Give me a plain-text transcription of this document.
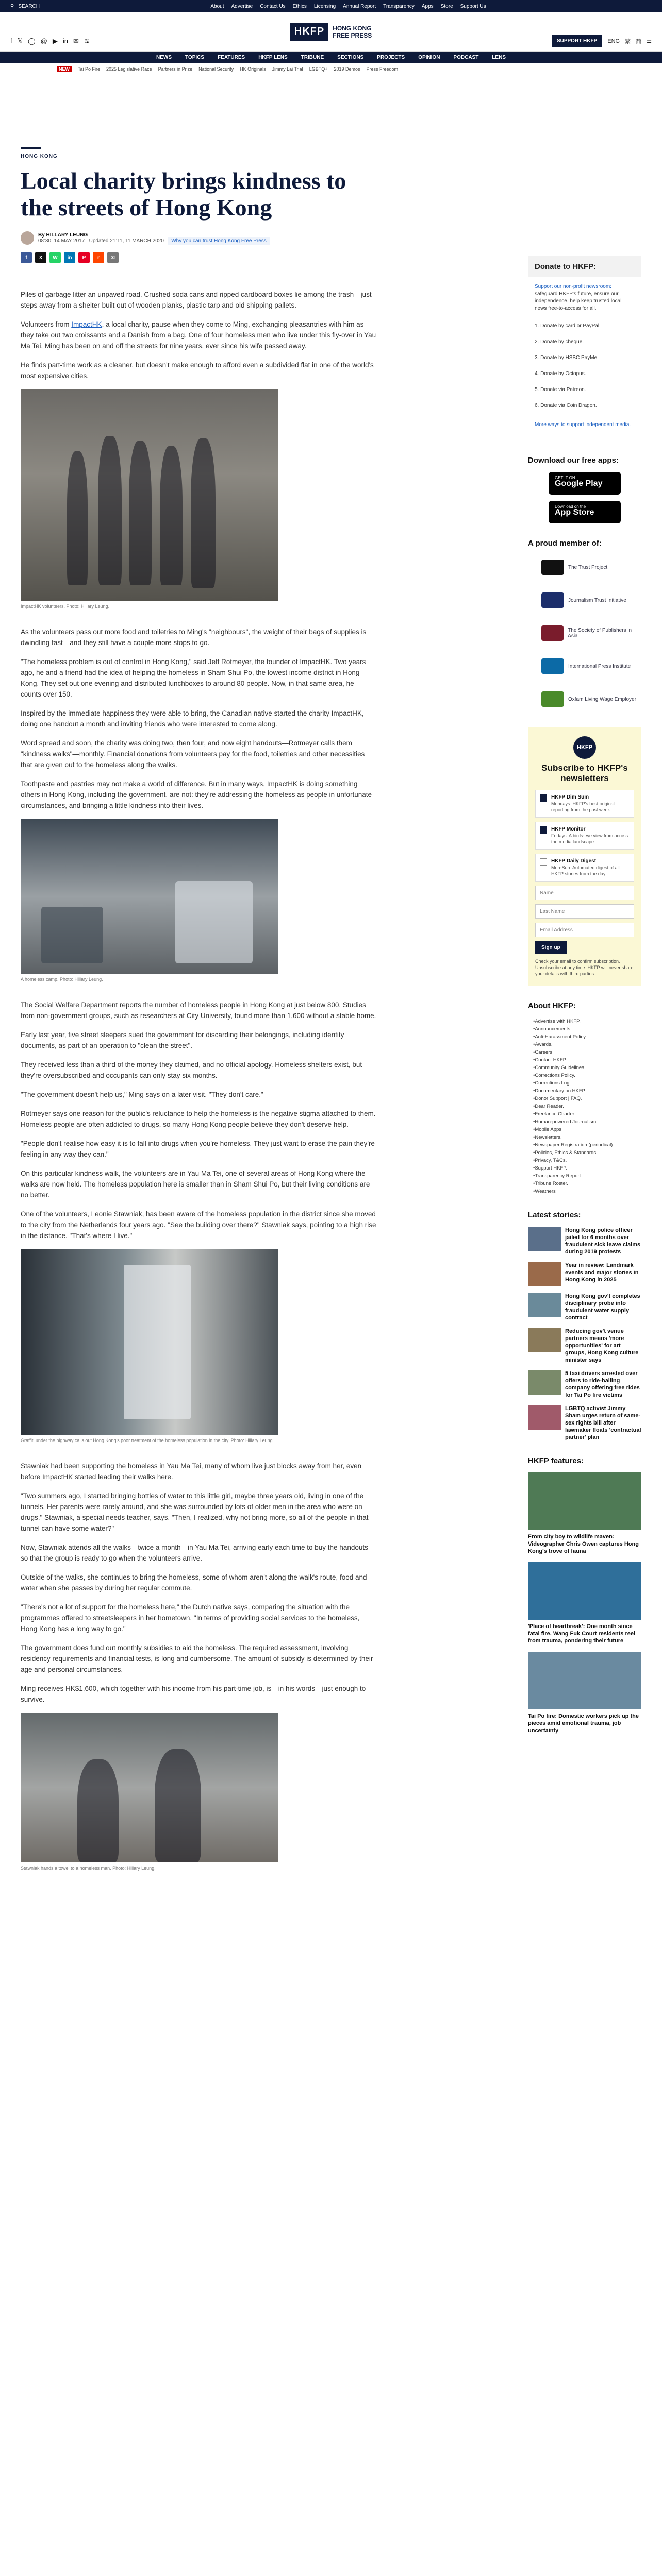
⚲ SEARCH	About Advertise Contact Us Ethics Licensing Annual Report Transparency Apps Store Support Us
f 𝕏 ◯ @ ▶ in ✉ ≋
HKFP	HONG KONG
FREE PRESS
SUPPORT HKFP	ENG 繁 简 ☰
NEWS	TOPICS	FEATURES	HKFP LENS	TRIBUNE	SECTIONS	PROJECTS	OPINION	PODCAST	LENS
NEW	Tai Po Fire 2025 Legislative Race Partners in Prize National Security HK Originals Jimmy Lai Trial LGBTQ+ 2019 Demos Press Freedom
HONG KONG
Local charity brings kindness to the streets of Hong Kong
By HILLARY LEUNG
08:30, 14 MAY 2017 Updated 21:11, 11 MARCH 2020 Why you can trust Hong Kong Free Press
f	X	W	in	P	r	✉

Piles of garbage litter an unpaved road. Crushed soda cans and ripped cardboard boxes lie among the trash—just steps away from a shelter built out of wooden planks, plastic tarp and old shipping pallets.

Volunteers from ImpactHK, a local charity, pause when they come to Ming, exchanging pleasantries with him as they take out two croissants and a Danish from a bag. One of four homeless men who live under this fly-over in Yau Ma Tei, Ming has been on and off the streets for nine years, ever since his wife passed away.

He finds part-time work as a cleaner, but doesn't make enough to afford even a subdivided flat in one of the world's most expensive cities.

ImpactHK volunteers. Photo: Hillary Leung.

As the volunteers pass out more food and toiletries to Ming's "neighbours", the weight of their bags of supplies is dwindling fast—and they still have a couple more stops to go.

"The homeless problem is out of control in Hong Kong," said Jeff Rotmeyer, the founder of ImpactHK. Two years ago, he and a friend had the idea of helping the homeless in Sham Shui Po, the lowest income district in Hong Kong. They set out one evening and distributed lunchboxes to around 80 people. Now, in that same area, he counts over 150.

Inspired by the immediate happiness they were able to bring, the Canadian native started the charity ImpactHK, doing one handout a month and inviting friends who were interested to come along.

Word spread and soon, the charity was doing two, then four, and now eight handouts—Rotmeyer calls them "kindness walks"—monthly. Financial donations from volunteers pay for the food, toiletries and other necessities that are given out to the homeless along the walks.

Toothpaste and pastries may not make a world of difference. But in many ways, ImpactHK is doing something others in Hong Kong, including the government, are not: they're addressing the homeless as people in unfortunate circumstances, and bringing a little kindness into their lives.

A homeless camp. Photo: Hillary Leung.

The Social Welfare Department reports the number of homeless people in Hong Kong at just below 800. Studies from non-government groups, such as researchers at City University, found more than 1,600 without a stable home.

Early last year, five street sleepers sued the government for discarding their belongings, including identity documents, as part of an operation to "clean the street".

They received less than a third of the money they claimed, and no official apology. Homeless shelters exist, but they're oversubscribed and occupants can only stay six months.

"The government doesn't help us," Ming says on a later visit. "They don't care."

Rotmeyer says one reason for the public's reluctance to help the homeless is the negative stigma attached to them. Homeless people are often addicted to drugs, so many Hong Kong people believe they don't deserve help.

"People don't realise how easy it is to fall into drugs when you're homeless. They just want to erase the pain they're feeling in any way they can."

On this particular kindness walk, the volunteers are in Yau Ma Tei, one of several areas of Hong Kong where the walks are now held. The homeless population here is smaller than in Sham Shui Po, but their living conditions are no better.

One of the volunteers, Leonie Stawniak, has been aware of the homeless population in the district since she moved to the city from the Netherlands four years ago. "See the building over there?" Stawniak says, pointing to a high rise in the distance. "That's where I live."

Graffiti under the highway calls out Hong Kong's poor treatment of the homeless population in the city. Photo: Hillary Leung.

Stawniak had been supporting the homeless in Yau Ma Tei, many of whom live just blocks away from her, even before ImpactHK started leading their walks here.

"Two summers ago, I started bringing bottles of water to this little girl, maybe three years old, living in one of the tunnels. Her parents were rarely around, and she was surrounded by lots of older men in the area who were on drugs." Stawniak, a special needs teacher, says. "Then, I realized, why not bring more, so all of the people in that tunnel can have some water?"

Now, Stawniak attends all the walks—twice a month—in Yau Ma Tei, arriving early each time to buy the handouts so that the group is ready to go when the volunteers arrive.

Outside of the walks, she continues to bring the homeless, some of whom aren't along the walk's route, food and water when she passes by during her regular commute.

"There's not a lot of support for the homeless here," the Dutch native says, comparing the situation with the programmes offered to streetsleepers in her hometown. "In terms of providing social services to the homeless, Hong Kong has a long way to go."

The government does fund out monthly subsidies to aid the homeless. The required assessment, involving residency requirements and financial tests, is long and cumbersome. The amount of subsidy is determined by their age and personal circumstances.

Ming receives HK$1,600, which together with his income from his part-time job, is—in his words—just enough to survive.

Stawniak hands a towel to a homeless man. Photo: Hillary Leung.
Donate to HKFP:
Support our non-profit newsroom: safeguard HKFP's future, ensure our independence, help keep trusted local news free-to-access for all.
1. Donate by card or PayPal.
2. Donate by cheque.
3. Donate by HSBC PayMe.
4. Donate by Octopus.
5. Donate via Patreon.
6. Donate via Coin Dragon.
More ways to support independent media.
Download our free apps:
GET IT ON
Google Play
Download on the
App Store
A proud member of:
The Trust Project
Journalism Trust Initiative
The Society of Publishers in Asia
International Press Institute
Oxfam Living Wage Employer
HKFP
Subscribe to HKFP's newsletters
HKFP Dim Sum
Mondays: HKFP's best original reporting from the past week.
HKFP Monitor
Fridays: A birds-eye view from across the media landscape.
HKFP Daily Digest
Mon-Sun: Automated digest of all HKFP stories from the day.
Name Last Name Email Address Sign up
Check your email to confirm subscription. Unsubscribe at any time. HKFP will never share your details with third parties.
About HKFP:
• Advertise with HKFP.
• Announcements.
• Anti-Harassment Policy.
• Awards.
• Careers.
• Contact HKFP.
• Community Guidelines.
• Corrections Policy.
• Corrections Log.
• Documentary on HKFP.
• Donor Support | FAQ.
• Dear Reader.
• Freelance Charter.
• Human-powered Journalism.
• Mobile Apps.
• Newsletters.
• Newspaper Registration (periodical).
• Policies, Ethics & Standards.
• Privacy, T&Cs.
• Support HKFP.
• Transparency Report.
• Tribune Roster.
• Weathers
Latest stories:
Hong Kong police officer jailed for 6 months over fraudulent sick leave claims during 2019 protests
Year in review: Landmark events and major stories in Hong Kong in 2025
Hong Kong gov't completes disciplinary probe into fraudulent water supply contract
Reducing gov't venue partners means 'more opportunities' for art groups, Hong Kong culture minister says
5 taxi drivers arrested over offers to ride-hailing company offering free rides for Tai Po fire victims
LGBTQ activist Jimmy Sham urges return of same-sex rights bill after lawmaker floats 'contractual partner' plan
HKFP features:
From city boy to wildlife maven: Videographer Chris Owen captures Hong Kong's trove of fauna
'Place of heartbreak': One month since fatal fire, Wang Fuk Court residents reel from trauma, pondering their future
Tai Po fire: Domestic workers pick up the pieces amid emotional trauma, job uncertainty
